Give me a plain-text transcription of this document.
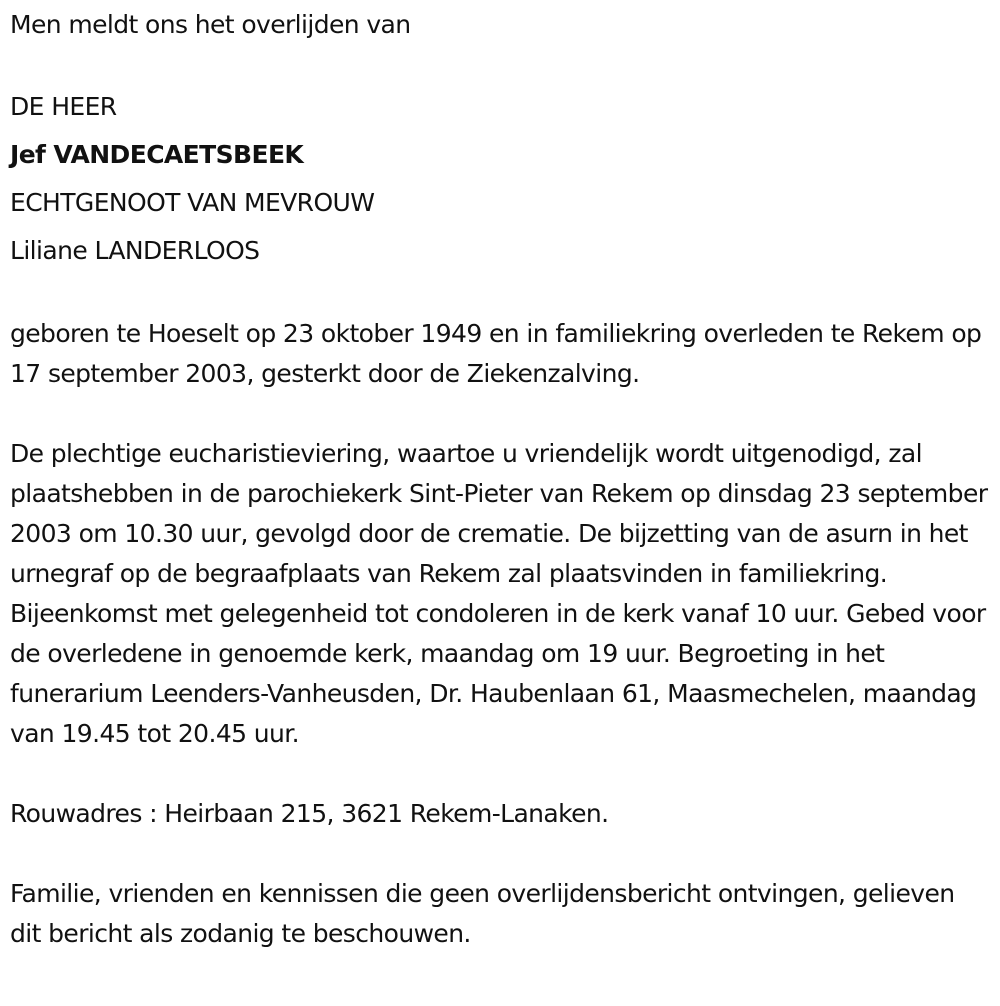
Men meldt ons het overlijden van
DE HEER
Jef VANDECAETSBEEK
ECHTGENOOT VAN MEVROUW
Liliane LANDERLOOS

geboren te Hoeselt op 23 oktober 1949 en in familiekring overleden te Rekem op 17 september 2003, gesterkt door de Ziekenzalving.

De plechtige eucharistieviering, waartoe u vriendelijk wordt uitgenodigd, zal plaatshebben in de parochiekerk Sint-Pieter van Rekem op dinsdag 23 september 2003 om 10.30 uur, gevolgd door de crematie. De bijzetting van de asurn in het urnegraf op de begraafplaats van Rekem zal plaatsvinden in familiekring. Bijeenkomst met gelegenheid tot condoleren in de kerk vanaf 10 uur. Gebed voor de overledene in genoemde kerk, maandag om 19 uur. Begroeting in het funerarium Leenders-Vanheusden, Dr. Haubenlaan 61, Maasmechelen, maandag van 19.45 tot 20.45 uur.

Rouwadres : Heirbaan 215, 3621 Rekem-Lanaken.

Familie, vrienden en kennissen die geen overlijdensbericht ontvingen, gelieven dit bericht als zodanig te beschouwen.
